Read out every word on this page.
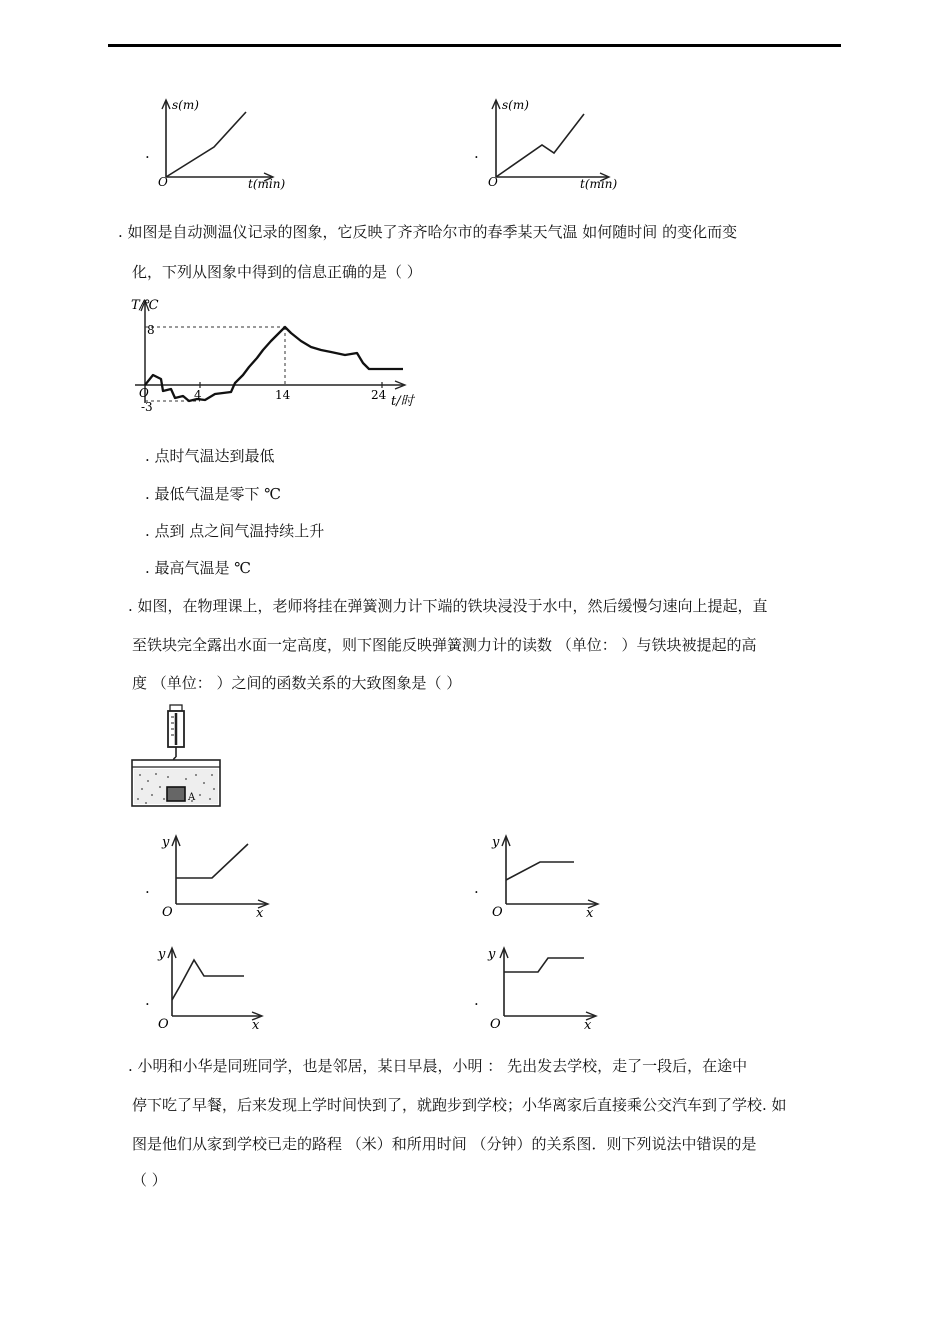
.
s(m)
O	t(min)
.
s(m)
O	t(min)
. 如图是自动测温仪记录的图象，它反映了齐齐哈尔市的春季某天气温 如何随时间 的变化而变
化，下列从图象中得到的信息正确的是（ ）
T/℃
8
O
-3
4	14	24 t/时
. 点时气温达到最低
. 最低气温是零下 ℃
. 点到 点之间气温持续上升
. 最高气温是 ℃
. 如图，在物理课上，老师将挂在弹簧测力计下端的铁块浸没于水中，然后缓慢匀速向上提起，直
至铁块完全露出水面一定高度，则下图能反映弹簧测力计的读数 （单位： ）与铁块被提起的高
度 （单位： ）之间的函数关系的大致图象是（ ）
A
.
y
O	x
.
y
O	x
.
y
O	x
.
y
O	x
. 小明和小华是同班同学，也是邻居，某日早晨，小明 ： 先出发去学校，走了一段后，在途中
停下吃了早餐，后来发现上学时间快到了，就跑步到学校；小华离家后直接乘公交汽车到了学校. 如
图是他们从家到学校已走的路程 （米）和所用时间 （分钟）的关系图．则下列说法中错误的是
（ ）
